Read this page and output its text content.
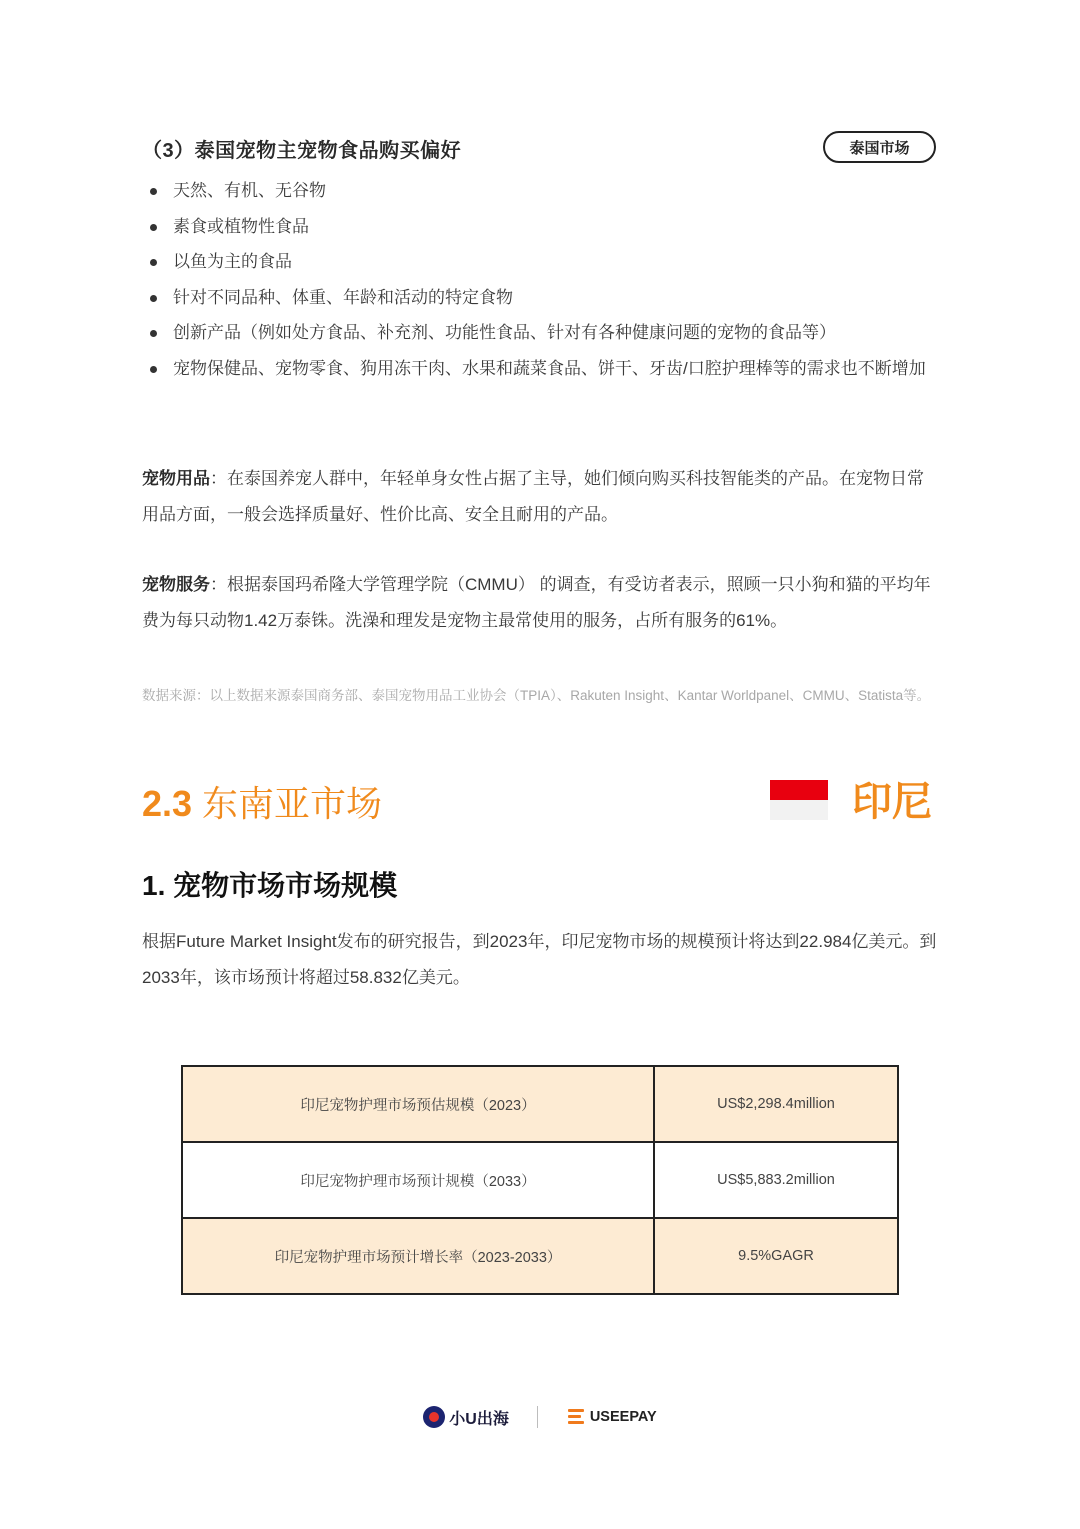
（3）泰国宠物主宠物食品购买偏好	泰国市场
天然、有机、无谷物
素食或植物性食品
以鱼为主的食品
针对不同品种、体重、年龄和活动的特定食物
创新产品（例如处方食品、补充剂、功能性食品、针对有各种健康问题的宠物的食品等）
宠物保健品、宠物零食、狗用冻干肉、水果和蔬菜食品、饼干、牙齿/口腔护理棒等的需求也不断增加
宠物用品：在泰国养宠人群中，年轻单身女性占据了主导，她们倾向购买科技智能类的产品。在宠物日常用品方面，一般会选择质量好、性价比高、安全且耐用的产品。
宠物服务：根据泰国玛希隆大学管理学院（CMMU） 的调查，有受访者表示，照顾一只小狗和猫的平均年费为每只动物1.42万泰铢。洗澡和理发是宠物主最常使用的服务，占所有服务的61%。
数据来源：以上数据来源泰国商务部、泰国宠物用品工业协会（TPIA）、Rakuten Insight、Kantar Worldpanel、CMMU、Statista等。
2.3 东南亚市场	印尼
1. 宠物市场市场规模
根据Future Market Insight发布的研究报告，到2023年，印尼宠物市场的规模预计将达到22.984亿美元。到2033年，该市场预计将超过58.832亿美元。
印尼宠物护理市场预估规模（2023）	US$2,298.4million
印尼宠物护理市场预计规模（2033）	US$5,883.2million
印尼宠物护理市场预计增长率（2023-2033）	9.5%GAGR
小U出海	USEEPAY
